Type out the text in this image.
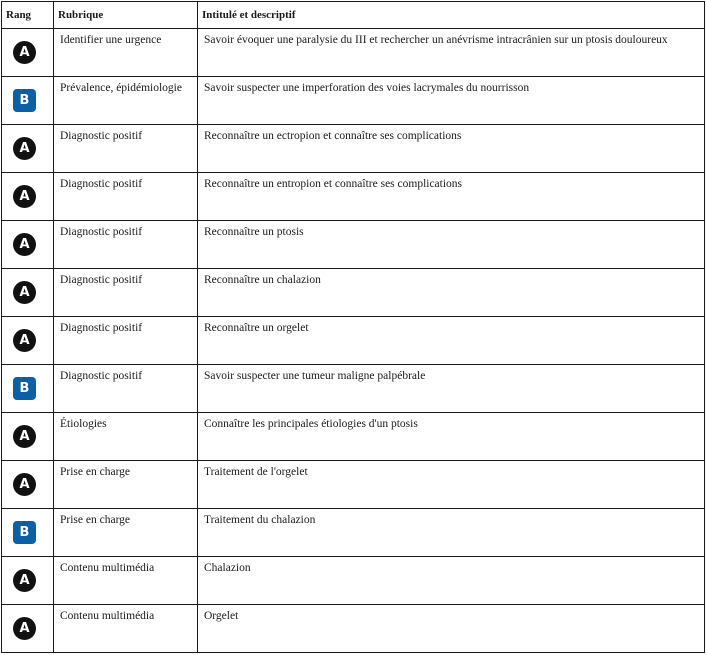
Rang	Rubrique	Intitulé et descriptif

A	Identifier une urgence	Savoir évoquer une paralysie du III et rechercher un anévrisme intracrânien sur un ptosis douloureux

B	Prévalence, épidémiologie	Savoir suspecter une imperforation des voies lacrymales du nourrisson

A	Diagnostic positif	Reconnaître un ectropion et connaître ses complications

A	Diagnostic positif	Reconnaître un entropion et connaître ses complications

A	Diagnostic positif	Reconnaître un ptosis

A	Diagnostic positif	Reconnaître un chalazion

A	Diagnostic positif	Reconnaître un orgelet

B	Diagnostic positif	Savoir suspecter une tumeur maligne palpébrale

A	Étiologies	Connaître les principales étiologies d'un ptosis

A	Prise en charge	Traitement de l'orgelet

B	Prise en charge	Traitement du chalazion

A	Contenu multimédia	Chalazion

A	Contenu multimédia	Orgelet
